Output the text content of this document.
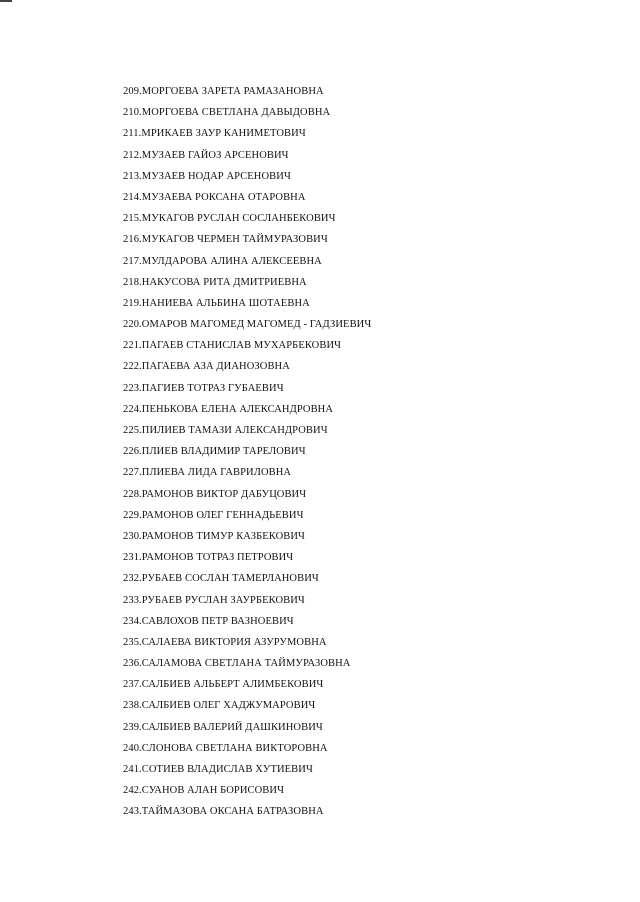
209.МОРГОЕВА ЗАРЕТА РАМАЗАНОВНА
210.МОРГОЕВА СВЕТЛАНА ДАВЫДОВНА
211.МРИКАЕВ ЗАУР КАНИМЕТОВИЧ
212.МУЗАЕВ ГАЙОЗ АРСЕНОВИЧ
213.МУЗАЕВ НОДАР АРСЕНОВИЧ
214.МУЗАЕВА РОКСАНА ОТАРОВНА
215.МУКАГОВ РУСЛАН СОСЛАНБЕКОВИЧ
216.МУКАГОВ ЧЕРМЕН ТАЙМУРАЗОВИЧ
217.МУЛДАРОВА АЛИНА АЛЕКСЕЕВНА
218.НАКУСОВА РИТА ДМИТРИЕВНА
219.НАНИЕВА АЛЬБИНА ШОТАЕВНА
220.ОМАРОВ МАГОМЕД МАГОМЕД - ГАДЗИЕВИЧ
221.ПАГАЕВ СТАНИСЛАВ МУХАРБЕКОВИЧ
222.ПАГАЕВА АЗА ДИАНОЗОВНА
223.ПАГИЕВ ТОТРАЗ ГУБАЕВИЧ
224.ПЕНЬКОВА ЕЛЕНА АЛЕКСАНДРОВНА
225.ПИЛИЕВ ТАМАЗИ АЛЕКСАНДРОВИЧ
226.ПЛИЕВ ВЛАДИМИР ТАРЕЛОВИЧ
227.ПЛИЕВА ЛИДА ГАВРИЛОВНА
228.РАМОНОВ ВИКТОР ДАБУЦОВИЧ
229.РАМОНОВ ОЛЕГ ГЕННАДЬЕВИЧ
230.РАМОНОВ ТИМУР КАЗБЕКОВИЧ
231.РАМОНОВ ТОТРАЗ ПЕТРОВИЧ
232.РУБАЕВ СОСЛАН ТАМЕРЛАНОВИЧ
233.РУБАЕВ РУСЛАН ЗАУРБЕКОВИЧ
234.САВЛОХОВ ПЕТР ВАЗНОЕВИЧ
235.САЛАЕВА ВИКТОРИЯ АЗУРУМОВНА
236.САЛАМОВА СВЕТЛАНА ТАЙМУРАЗОВНА
237.САЛБИЕВ АЛЬБЕРТ АЛИМБЕКОВИЧ
238.САЛБИЕВ ОЛЕГ ХАДЖУМАРОВИЧ
239.САЛБИЕВ ВАЛЕРИЙ ДАШКИНОВИЧ
240.СЛОНОВА СВЕТЛАНА ВИКТОРОВНА
241.СОТИЕВ ВЛАДИСЛАВ ХУТИЕВИЧ
242.СУАНОВ АЛАН БОРИСОВИЧ
243.ТАЙМАЗОВА ОКСАНА БАТРАЗОВНА
